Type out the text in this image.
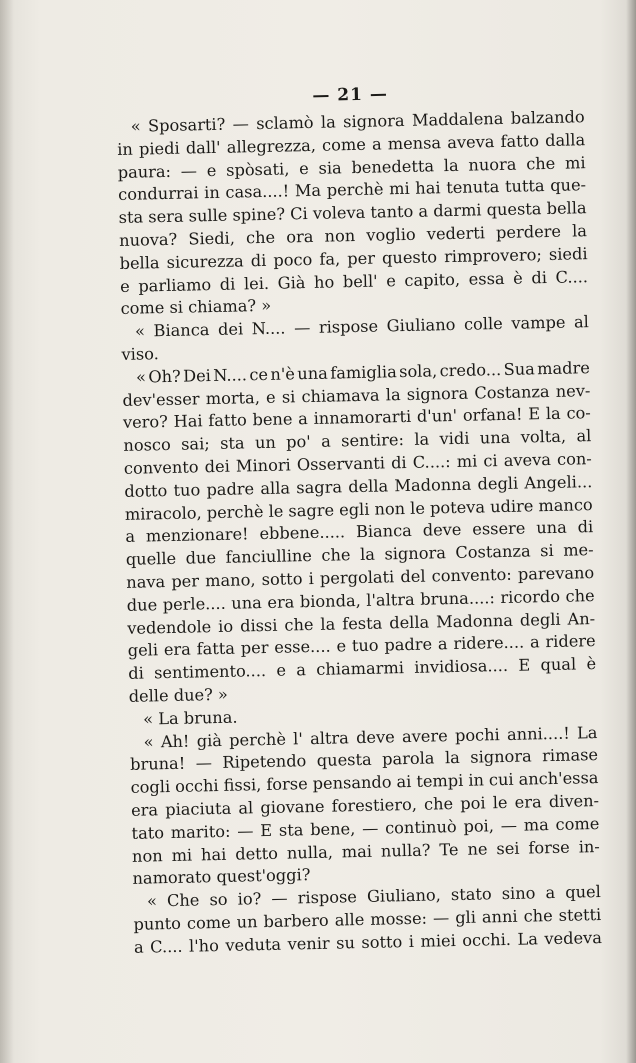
— 21 —
« Sposarti? — sclamò la signora Maddalena balzando
in piedi dall' allegrezza, come a mensa aveva fatto dalla
paura: — e spòsati, e sia benedetta la nuora che mi
condurrai in casa....! Ma perchè mi hai tenuta tutta que-
sta sera sulle spine? Ci voleva tanto a darmi questa bella
nuova? Siedi, che ora non voglio vederti perdere la
bella sicurezza di poco fa, per questo rimprovero; siedi
e parliamo di lei. Già ho bell' e capito, essa è di C....
come si chiama? »
« Bianca dei N.... — rispose Giuliano colle vampe al
viso.
« Oh? Dei N.... ce n'è una famiglia sola, credo... Sua madre
dev'esser morta, e si chiamava la signora Costanza nev-
vero? Hai fatto bene a innamorarti d'un' orfana! E la co-
nosco sai; sta un po' a sentire: la vidi una volta, al
convento dei Minori Osservanti di C....: mi ci aveva con-
dotto tuo padre alla sagra della Madonna degli Angeli...
miracolo, perchè le sagre egli non le poteva udire manco
a menzionare! ebbene..... Bianca deve essere una di
quelle due fanciulline che la signora Costanza si me-
nava per mano, sotto i pergolati del convento: parevano
due perle.... una era bionda, l'altra bruna....: ricordo che
vedendole io dissi che la festa della Madonna degli An-
geli era fatta per esse.... e tuo padre a ridere.... a ridere
di sentimento.... e a chiamarmi invidiosa.... E qual è
delle due? »
« La bruna.
« Ah! già perchè l' altra deve avere pochi anni....! La
bruna! — Ripetendo questa parola la signora rimase
cogli occhi fissi, forse pensando ai tempi in cui anch'essa
era piaciuta al giovane forestiero, che poi le era diven-
tato marito: — E sta bene, — continuò poi, — ma come
non mi hai detto nulla, mai nulla? Te ne sei forse in-
namorato quest'oggi?
« Che so io? — rispose Giuliano, stato sino a quel
punto come un barbero alle mosse: — gli anni che stetti
a C.... l'ho veduta venir su sotto i miei occhi. La vedeva
